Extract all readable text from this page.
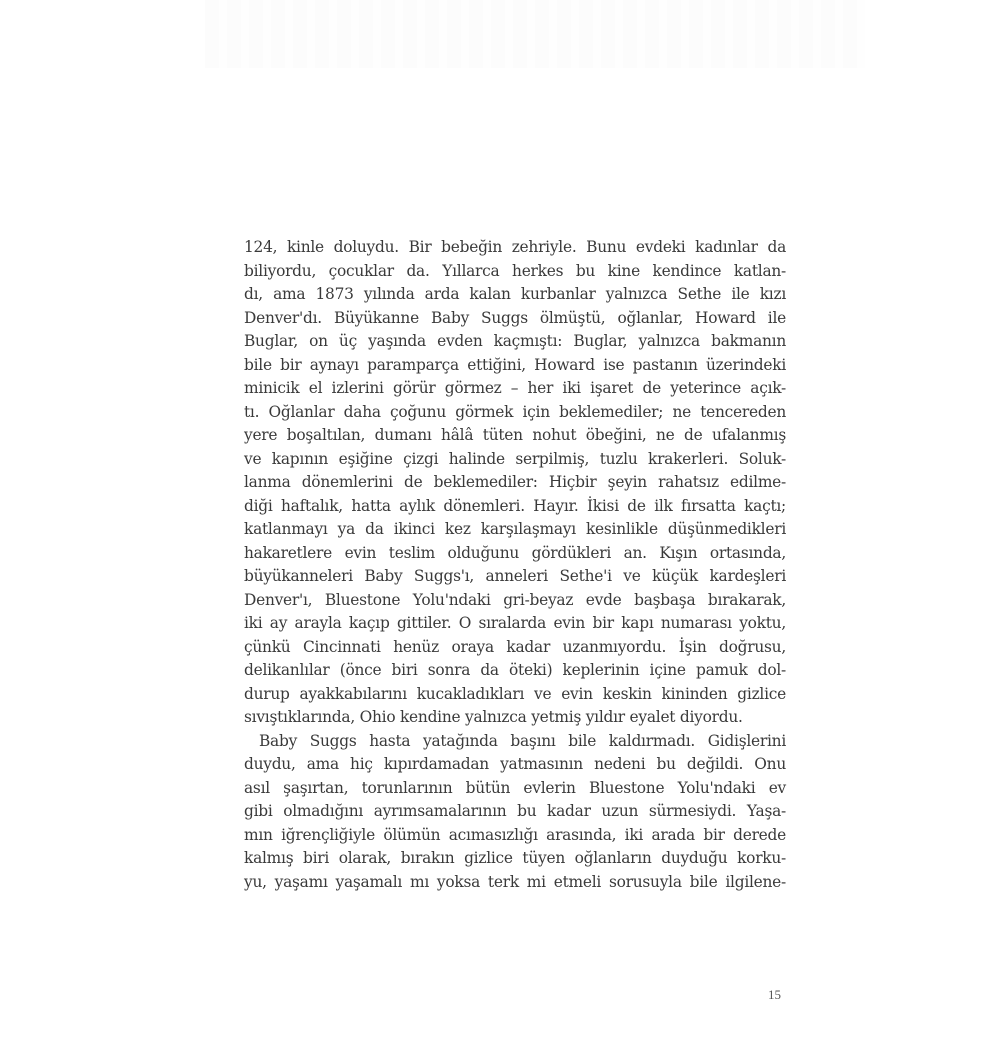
124, kinle doluydu. Bir bebeğin zehriyle. Bunu evdeki kadınlar da
biliyordu, çocuklar da. Yıllarca herkes bu kine kendince katlan-
dı, ama 1873 yılında arda kalan kurbanlar yalnızca Sethe ile kızı
Denver'dı. Büyükanne Baby Suggs ölmüştü, oğlanlar, Howard ile
Buglar, on üç yaşında evden kaçmıştı: Buglar, yalnızca bakmanın
bile bir aynayı paramparça ettiğini, Howard ise pastanın üzerindeki
minicik el izlerini görür görmez – her iki işaret de yeterince açık-
tı. Oğlanlar daha çoğunu görmek için beklemediler; ne tencereden
yere boşaltılan, dumanı hâlâ tüten nohut öbeğini, ne de ufalanmış
ve kapının eşiğine çizgi halinde serpilmiş, tuzlu krakerleri. Soluk-
lanma dönemlerini de beklemediler: Hiçbir şeyin rahatsız edilme-
diği haftalık, hatta aylık dönemleri. Hayır. İkisi de ilk fırsatta kaçtı;
katlanmayı ya da ikinci kez karşılaşmayı kesinlikle düşünmedikleri
hakaretlere evin teslim olduğunu gördükleri an. Kışın ortasında,
büyükanneleri Baby Suggs'ı, anneleri Sethe'i ve küçük kardeşleri
Denver'ı, Bluestone Yolu'ndaki gri-beyaz evde başbaşa bırakarak,
iki ay arayla kaçıp gittiler. O sıralarda evin bir kapı numarası yoktu,
çünkü Cincinnati henüz oraya kadar uzanmıyordu. İşin doğrusu,
delikanlılar (önce biri sonra da öteki) keplerinin içine pamuk dol-
durup ayakkabılarını kucakladıkları ve evin keskin kininden gizlice
sıvıştıklarında, Ohio kendine yalnızca yetmiş yıldır eyalet diyordu.

Baby Suggs hasta yatağında başını bile kaldırmadı. Gidişlerini
duydu, ama hiç kıpırdamadan yatmasının nedeni bu değildi. Onu
asıl şaşırtan, torunlarının bütün evlerin Bluestone Yolu'ndaki ev
gibi olmadığını ayrımsamalarının bu kadar uzun sürmesiydi. Yaşa-
mın iğrençliğiyle ölümün acımasızlığı arasında, iki arada bir derede
kalmış biri olarak, bırakın gizlice tüyen oğlanların duyduğu korku-
yu, yaşamı yaşamalı mı yoksa terk mi etmeli sorusuyla bile ilgilene-

15
